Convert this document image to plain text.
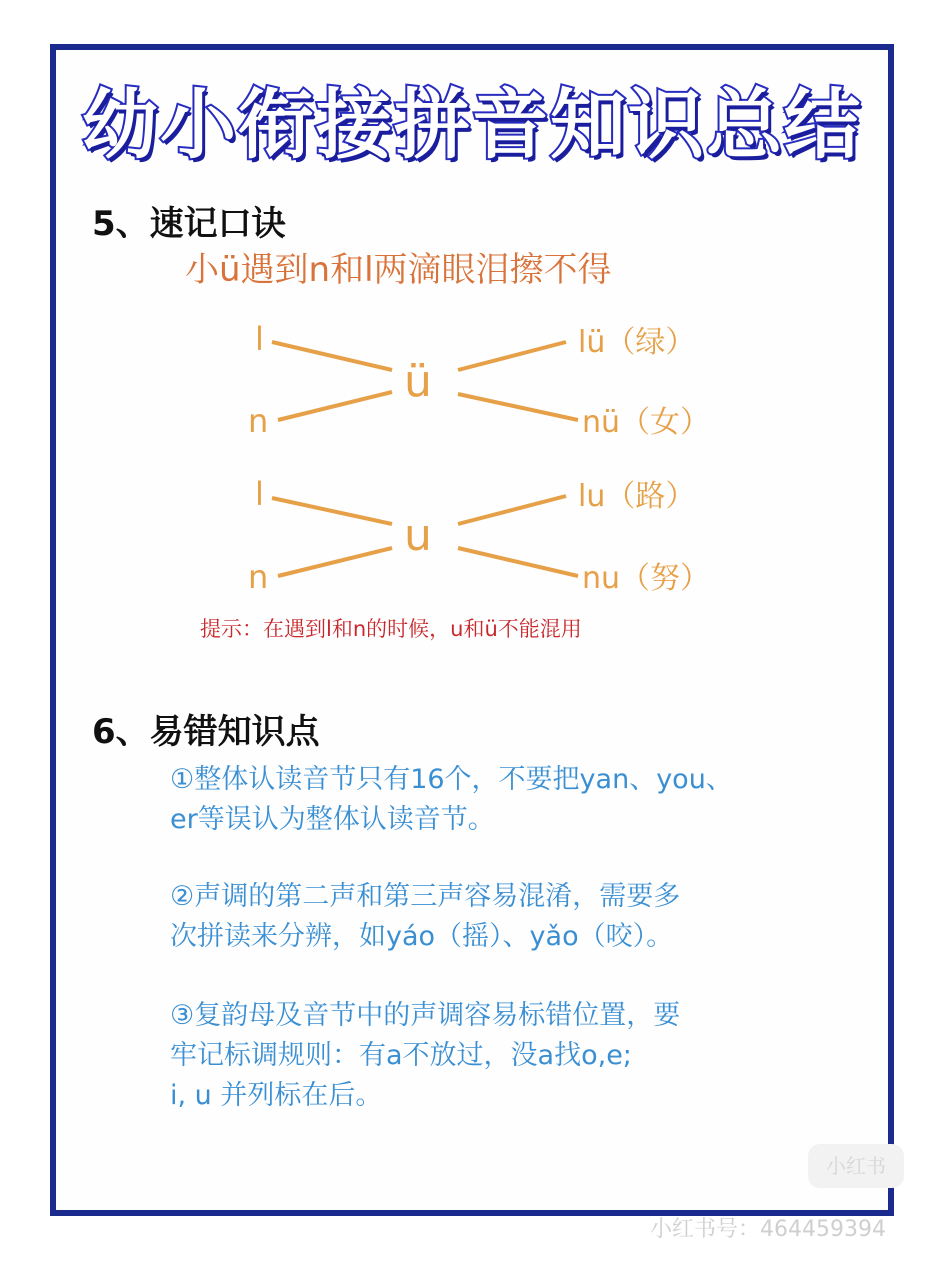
幼小衔接拼音知识总结
5、速记口诀
小ü遇到n和l两滴眼泪擦不得
l
n
ü
lü（绿）
nü（女）
l
n
u
lu（路）
nu（努）
提示：在遇到l和n的时候，u和ü不能混用
6、易错知识点
①整体认读音节只有16个，不要把yan、you、
er等误认为整体认读音节。
②声调的第二声和第三声容易混淆，需要多
次拼读来分辨，如yáo（摇）、yǎo（咬）。
③复韵母及音节中的声调容易标错位置，要
牢记标调规则：有a不放过，没a找o,e;
i, u 并列标在后。
小红书
小红书号：464459394
